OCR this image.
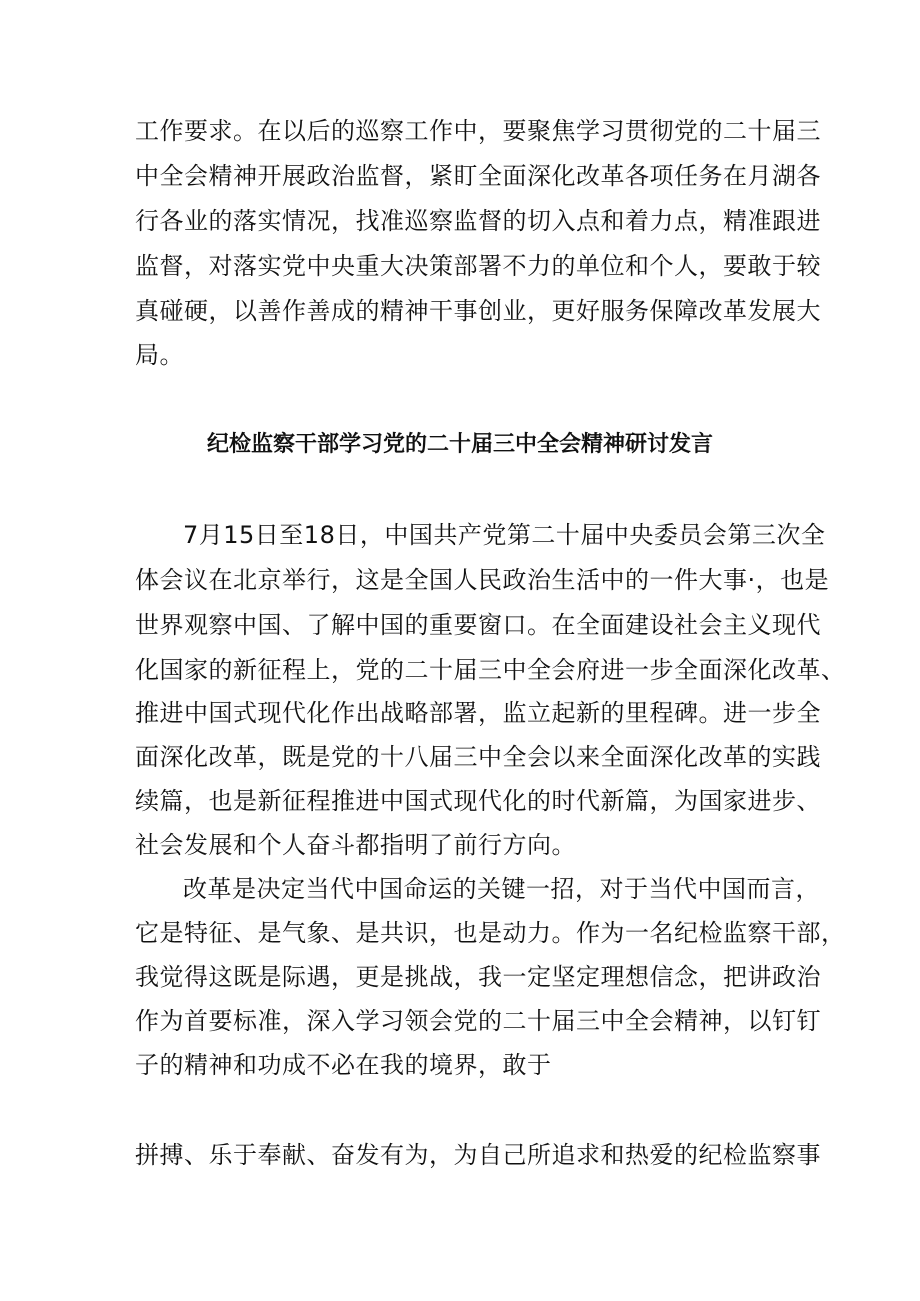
工作要求。在以后的巡察工作中，要聚焦学习贯彻党的二十届三
中全会精神开展政治监督，紧盯全面深化改革各项任务在月湖各
行各业的落实情况，找准巡察监督的切入点和着力点，精准跟进
监督，对落实党中央重大决策部署不力的单位和个人，要敢于较
真碰硬，以善作善成的精神干事创业，更好服务保障改革发展大
局。
纪检监察干部学习党的二十届三中全会精神研讨发言
7月15日至18日，中国共产党第二十届中央委员会第三次全
体会议在北京举行，这是全国人民政治生活中的一件大事·，也是
世界观察中国、了解中国的重要窗口。在全面建设社会主义现代
化国家的新征程上，党的二十届三中全会府进一步全面深化改革、
推进中国式现代化作出战略部署，监立起新的里程碑。进一步全
面深化改革，既是党的十八届三中全会以来全面深化改革的实践
续篇，也是新征程推进中国式现代化的时代新篇，为国家进步、
社会发展和个人奋斗都指明了前行方向。
改革是决定当代中国命运的关键一招，对于当代中国而言，
它是特征、是气象、是共识，也是动力。作为一名纪检监察干部，
我觉得这既是际遇，更是挑战，我一定坚定理想信念，把讲政治
作为首要标准，深入学习领会党的二十届三中全会精神，以钉钉
子的精神和功成不必在我的境界，敢于
拼搏、乐于奉献、奋发有为，为自己所追求和热爱的纪检监察事
